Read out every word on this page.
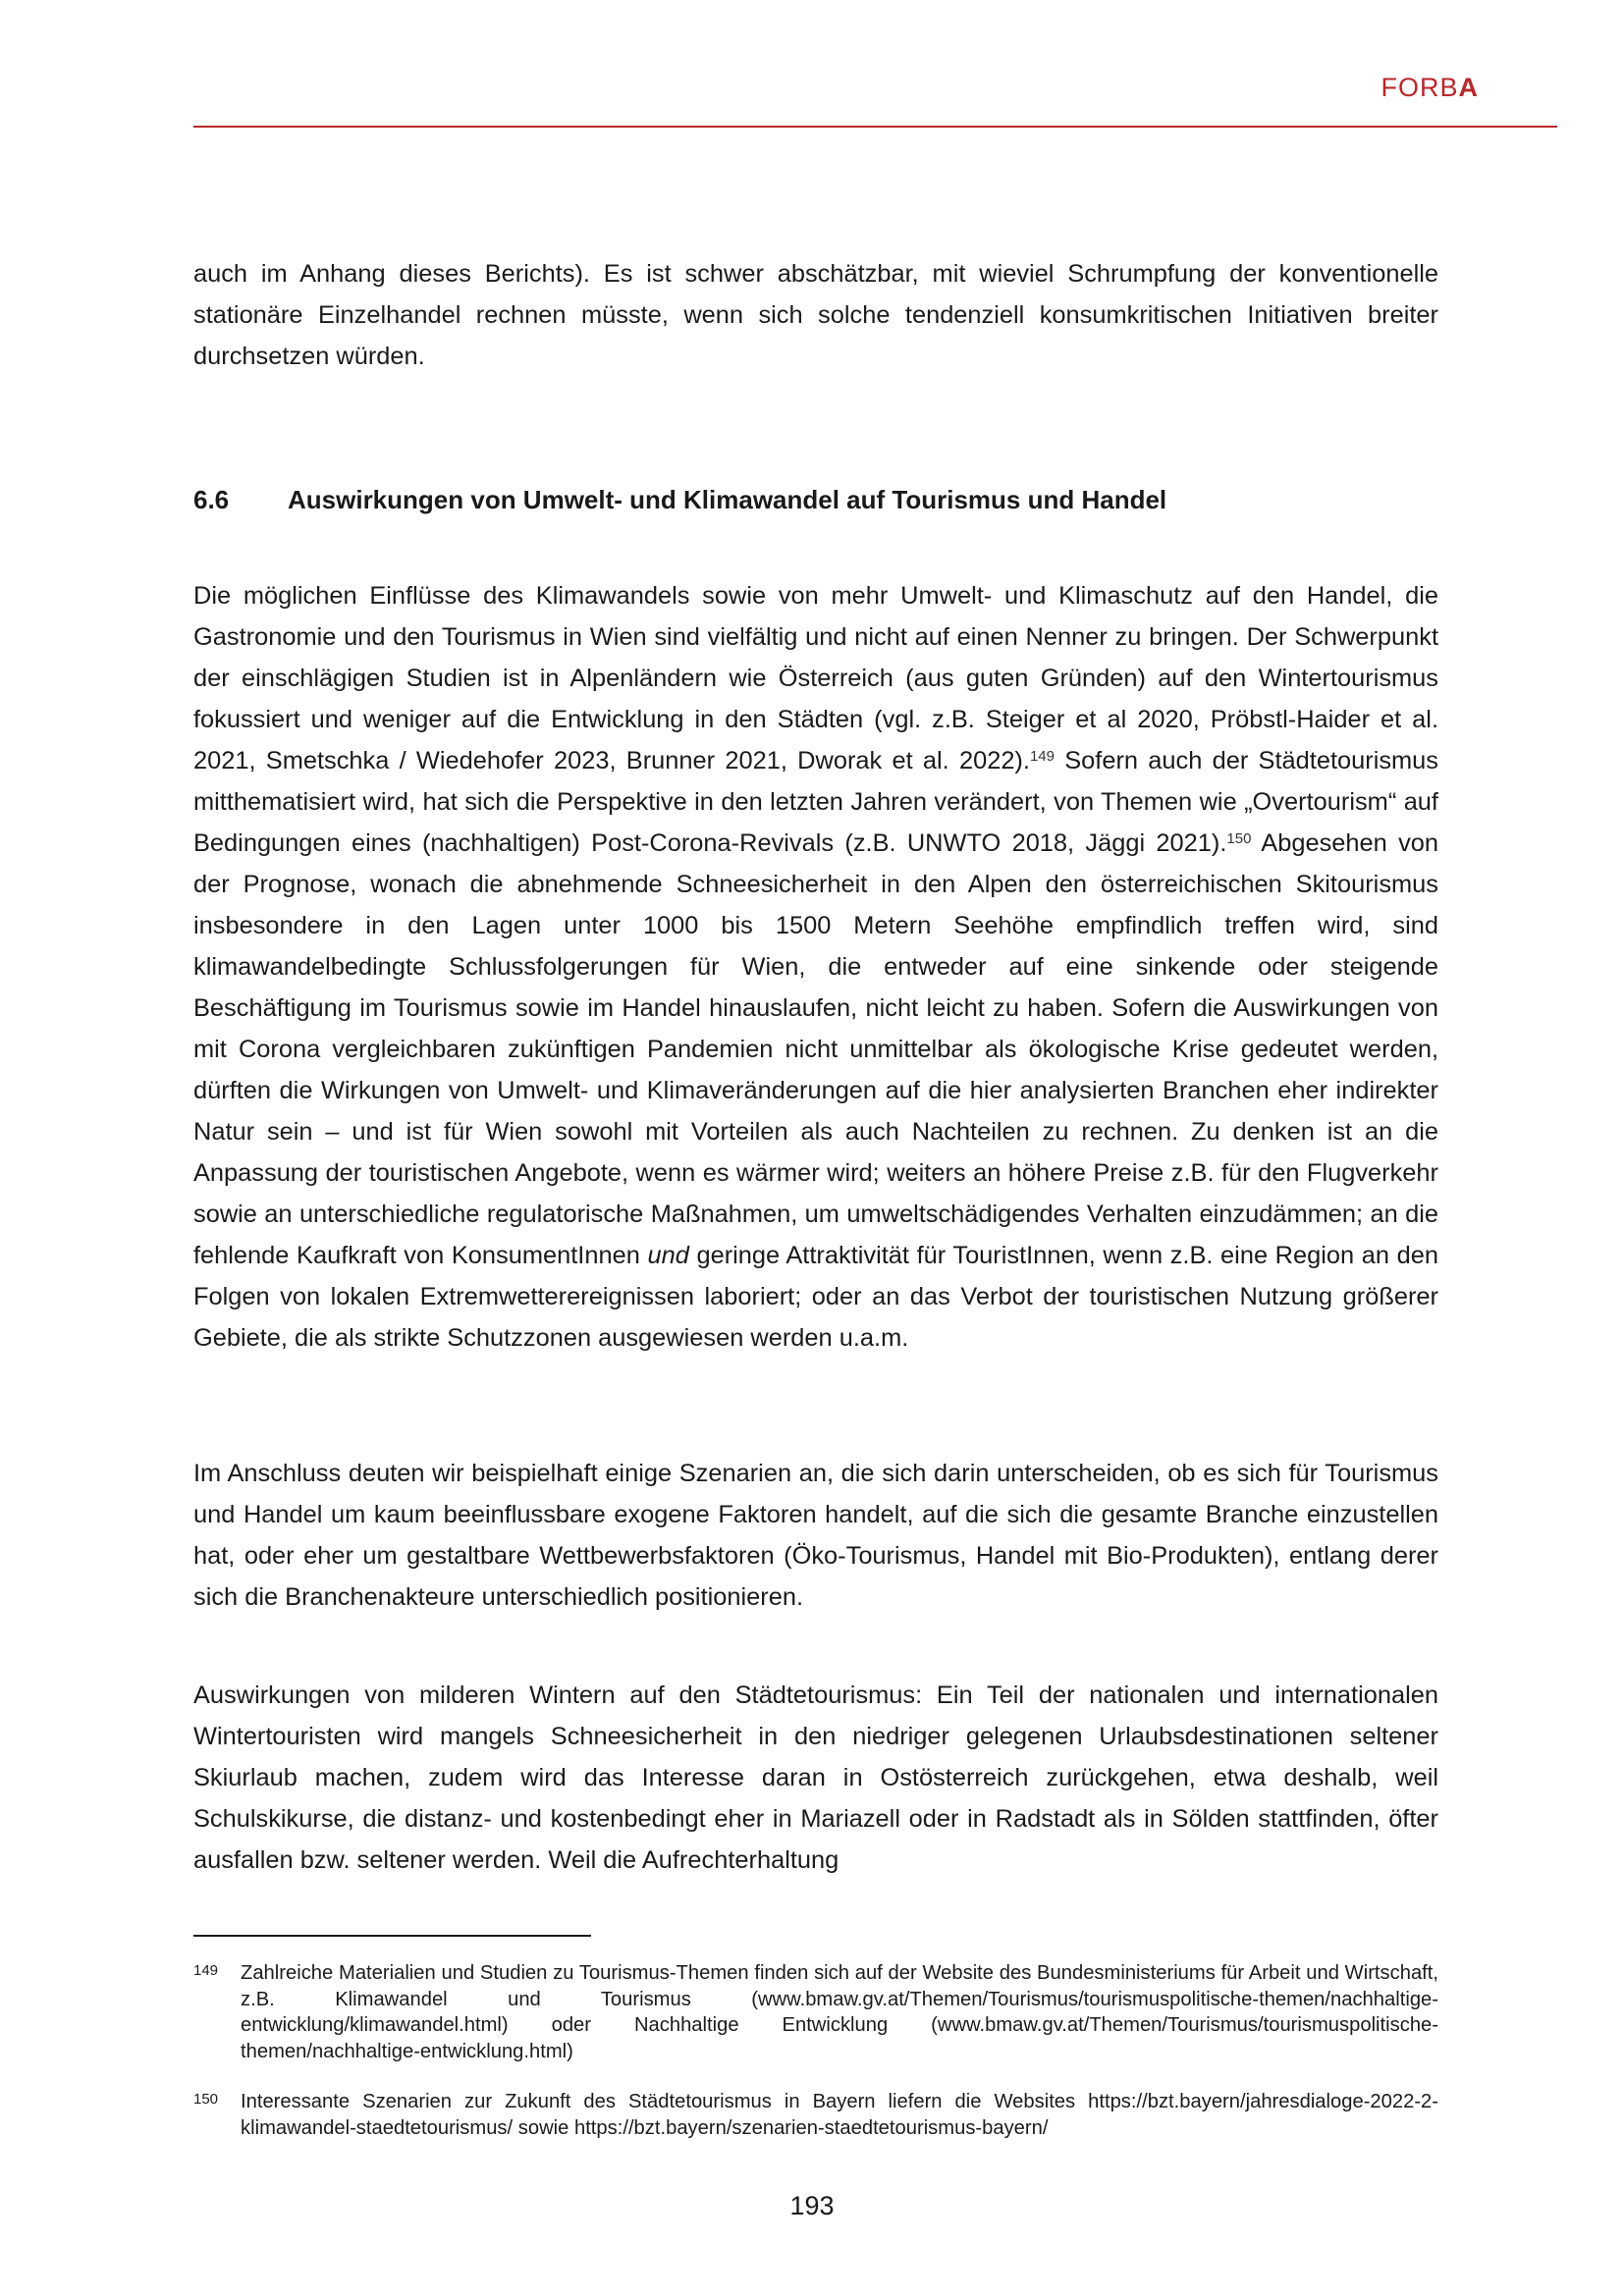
FORBA

auch im Anhang dieses Berichts). Es ist schwer abschätzbar, mit wieviel Schrumpfung der konventionelle stationäre Einzelhandel rechnen müsste, wenn sich solche tendenziell konsumkritischen Initiativen breiter durchsetzen würden.

6.6 Auswirkungen von Umwelt- und Klimawandel auf Tourismus und Handel

Die möglichen Einflüsse des Klimawandels sowie von mehr Umwelt- und Klimaschutz auf den Handel, die Gastronomie und den Tourismus in Wien sind vielfältig und nicht auf einen Nenner zu bringen. Der Schwerpunkt der einschlägigen Studien ist in Alpenländern wie Österreich (aus guten Gründen) auf den Wintertourismus fokussiert und weniger auf die Entwicklung in den Städten (vgl. z.B. Steiger et al 2020, Pröbstl-Haider et al. 2021, Smetschka / Wiedehofer 2023, Brunner 2021, Dworak et al. 2022).$^{149}$ Sofern auch der Städtetourismus mitthematisiert wird, hat sich die Perspektive in den letzten Jahren verändert, von Themen wie „Overtourism“ auf Bedingungen eines (nachhaltigen) Post-Corona-Revivals (z.B. UNWTO 2018, Jäggi 2021).$^{150}$ Abgesehen von der Prognose, wonach die abnehmende Schneesicherheit in den Alpen den österreichischen Skitourismus insbesondere in den Lagen unter 1000 bis 1500 Metern Seehöhe empfindlich treffen wird, sind klimawandelbedingte Schlussfolgerungen für Wien, die entweder auf eine sinkende oder steigende Beschäftigung im Tourismus sowie im Handel hinauslaufen, nicht leicht zu haben. Sofern die Auswirkungen von mit Corona vergleichbaren zukünftigen Pandemien nicht unmittelbar als ökologische Krise gedeutet werden, dürften die Wirkungen von Umwelt- und Klimaveränderungen auf die hier analysierten Branchen eher indirekter Natur sein – und ist für Wien sowohl mit Vorteilen als auch Nachteilen zu rechnen. Zu denken ist an die Anpassung der touristischen Angebote, wenn es wärmer wird; weiters an höhere Preise z.B. für den Flugverkehr sowie an unterschiedliche regulatorische Maßnahmen, um umweltschädigendes Verhalten einzudämmen; an die fehlende Kaufkraft von KonsumentInnen und geringe Attraktivität für TouristInnen, wenn z.B. eine Region an den Folgen von lokalen Extremwetterereignissen laboriert; oder an das Verbot der touristischen Nutzung größerer Gebiete, die als strikte Schutzzonen ausgewiesen werden u.a.m.

Im Anschluss deuten wir beispielhaft einige Szenarien an, die sich darin unterscheiden, ob es sich für Tourismus und Handel um kaum beeinflussbare exogene Faktoren handelt, auf die sich die gesamte Branche einzustellen hat, oder eher um gestaltbare Wettbewerbsfaktoren (Öko-Tourismus, Handel mit Bio-Produkten), entlang derer sich die Branchenakteure unterschiedlich positionieren.

Auswirkungen von milderen Wintern auf den Städtetourismus: Ein Teil der nationalen und internationalen Wintertouristen wird mangels Schneesicherheit in den niedriger gelegenen Urlaubsdestinationen seltener Skiurlaub machen, zudem wird das Interesse daran in Ostösterreich zurückgehen, etwa deshalb, weil Schulskikurse, die distanz- und kostenbedingt eher in Mariazell oder in Radstadt als in Sölden stattfinden, öfter ausfallen bzw. seltener werden. Weil die Aufrechterhaltung

149 Zahlreiche Materialien und Studien zu Tourismus-Themen finden sich auf der Website des Bundesministeriums für Arbeit und Wirtschaft, z.B. Klimawandel und Tourismus (www.bmaw.gv.at/Themen/Tourismus/tourismuspolitische-themen/nachhaltige-entwicklung/klimawandel.html) oder Nachhaltige Entwicklung (www.bmaw.gv.at/Themen/Tourismus/tourismuspolitische-themen/nachhaltige-entwicklung.html)
150 Interessante Szenarien zur Zukunft des Städtetourismus in Bayern liefern die Websites https://bzt.bayern/jahresdialoge-2022-2-klimawandel-staedtetourismus/ sowie https://bzt.bayern/szenarien-staedtetourismus-bayern/
193
